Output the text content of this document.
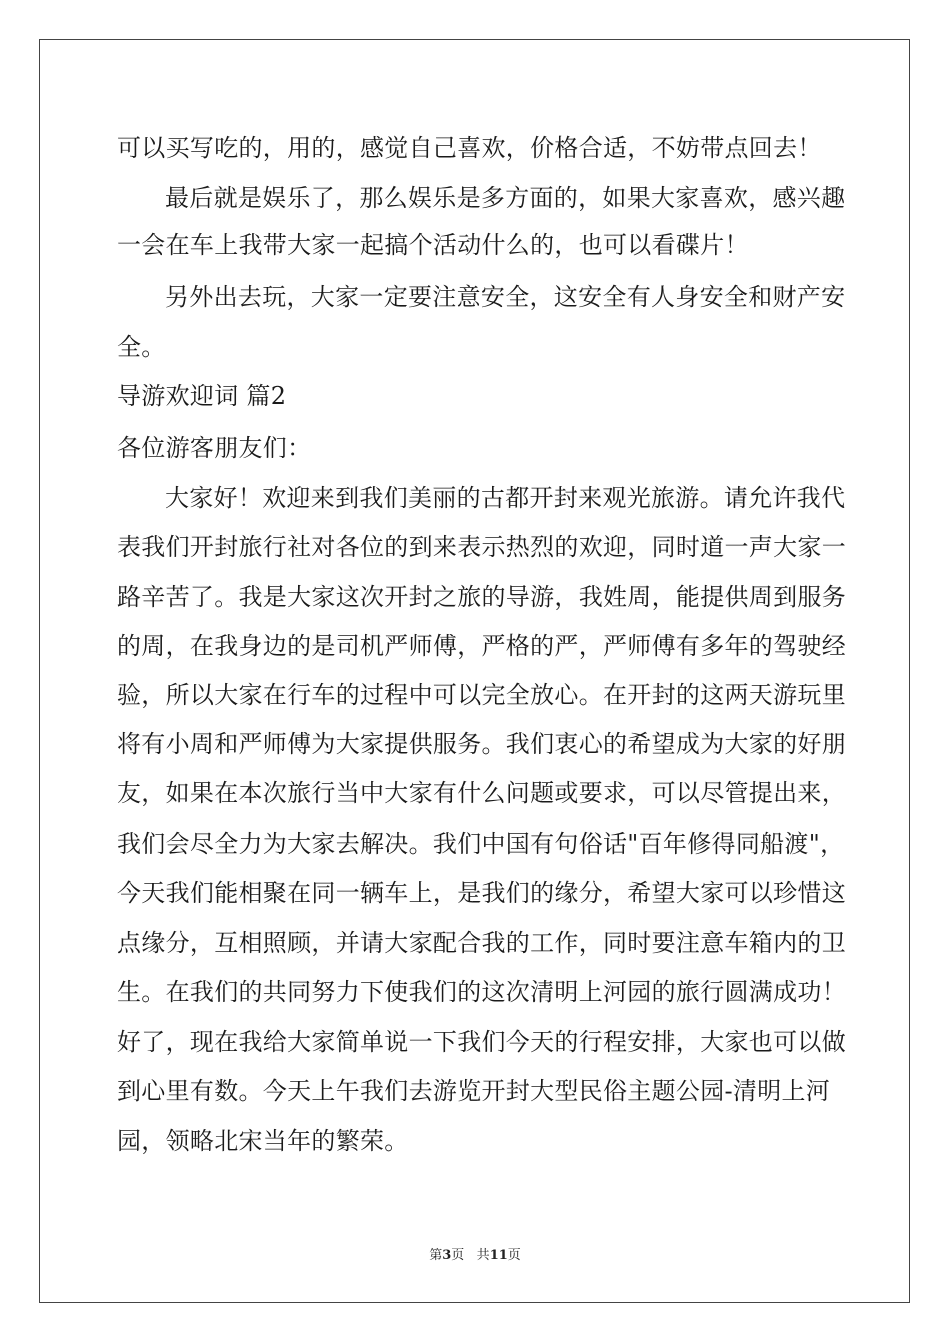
可以买写吃的，用的，感觉自己喜欢，价格合适，不妨带点回去！
最后就是娱乐了，那么娱乐是多方面的，如果大家喜欢，感兴趣
一会在车上我带大家一起搞个活动什么的，也可以看碟片！
另外出去玩，大家一定要注意安全，这安全有人身安全和财产安
全。
导游欢迎词 篇2
各位游客朋友们：
大家好！欢迎来到我们美丽的古都开封来观光旅游。请允许我代
表我们开封旅行社对各位的到来表示热烈的欢迎，同时道一声大家一
路辛苦了。我是大家这次开封之旅的导游，我姓周，能提供周到服务
的周，在我身边的是司机严师傅，严格的严，严师傅有多年的驾驶经
验，所以大家在行车的过程中可以完全放心。在开封的这两天游玩里
将有小周和严师傅为大家提供服务。我们衷心的希望成为大家的好朋
友，如果在本次旅行当中大家有什么问题或要求，可以尽管提出来，
我们会尽全力为大家去解决。我们中国有句俗话"百年修得同船渡"，
今天我们能相聚在同一辆车上，是我们的缘分，希望大家可以珍惜这
点缘分，互相照顾，并请大家配合我的工作，同时要注意车箱内的卫
生。在我们的共同努力下使我们的这次清明上河园的旅行圆满成功！
好了，现在我给大家简单说一下我们今天的行程安排，大家也可以做
到心里有数。今天上午我们去游览开封大型民俗主题公园-清明上河
园，领略北宋当年的繁荣。
第3页 共11页
